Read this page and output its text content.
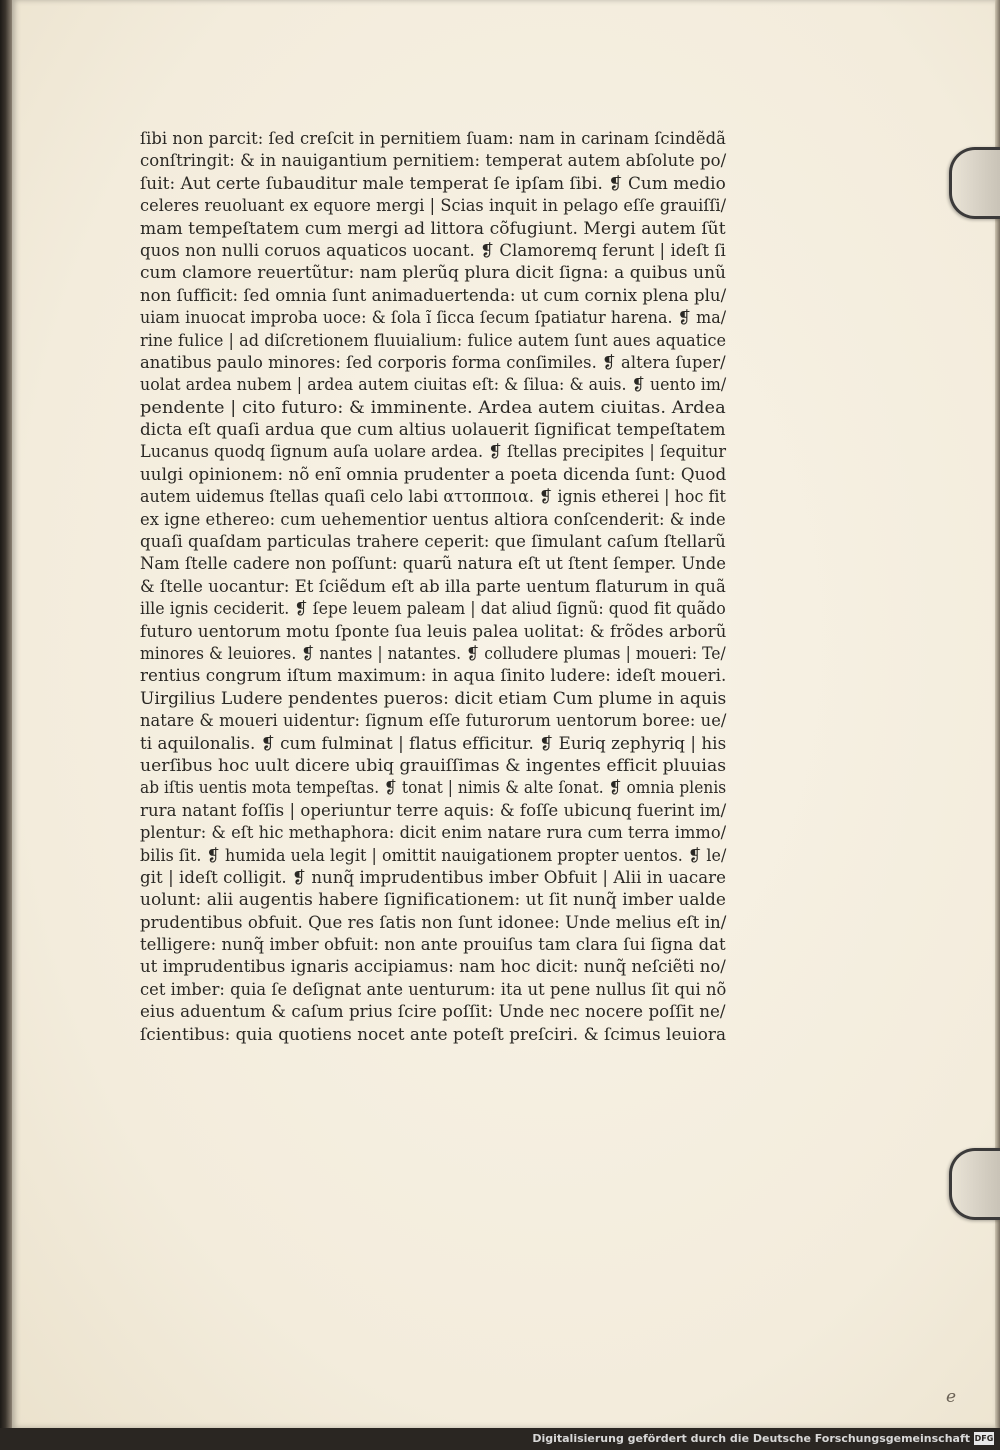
ſibi non parcit: ſed creſcit in pernitiem ſuam: nam in carinam ſcindẽdã
conſtringit: & in nauigantium pernitiem: temperat autem abſolute po/
ſuit: Aut certe ſubauditur male temperat ſe ipſam ſibi. ❡ Cum medio
celeres reuoluant ex equore mergi | Scias inquit in pelago eſſe grauiſſi/
mam tempeſtatem cum mergi ad littora cõfugiunt. Mergi autem ſũt
quos non nulli coruos aquaticos uocant. ❡ Clamoremq ferunt | ideſt ſi
cum clamore reuertũtur: nam plerũq plura dicit ſigna: a quibus unũ
non ſufficit: ſed omnia ſunt animaduertenda: ut cum cornix plena plu/
uiam inuocat improba uoce: & ſola ĩ ſicca ſecum ſpatiatur harena. ❡ ma/
rine fulice | ad diſcretionem fluuialium: fulice autem ſunt aues aquatice
anatibus paulo minores: ſed corporis forma conſimiles. ❡ altera ſuper/
uolat ardea nubem | ardea autem ciuitas eſt: & ſilua: & auis. ❡ uento im/
pendente | cito futuro: & imminente. Ardea autem ciuitas. Ardea
dicta eſt quaſi ardua que cum altius uolauerit ſignificat tempeſtatem
Lucanus quodq ſignum auſa uolare ardea. ❡ ſtellas precipites | ſequitur
uulgi opinionem: nõ enĩ omnia prudenter a poeta dicenda ſunt: Quod
autem uidemus ſtellas quaſi celo labi αττοππoια. ❡ ignis etherei | hoc fit
ex igne ethereo: cum uehementior uentus altiora conſcenderit: & inde
quaſi quaſdam particulas trahere ceperit: que ſimulant caſum ſtellarũ
Nam ſtelle cadere non poſſunt: quarũ natura eſt ut ſtent ſemper. Unde
& ſtelle uocantur: Et ſciẽdum eſt ab illa parte uentum flaturum in quã
ille ignis ceciderit. ❡ ſepe leuem paleam | dat aliud ſignũ: quod fit quãdo
futuro uentorum motu ſponte ſua leuis palea uolitat: & frõdes arborũ
minores & leuiores. ❡ nantes | natantes. ❡ colludere plumas | moueri: Te/
rentius congrum iſtum maximum: in aqua ſinito ludere: ideſt moueri.
Uirgilius Ludere pendentes pueros: dicit etiam Cum plume in aquis
natare & moueri uidentur: ſignum eſſe futurorum uentorum boree: ue/
ti aquilonalis. ❡ cum fulminat | flatus efficitur. ❡ Euriq zephyriq | his
uerſibus hoc uult dicere ubiq grauiſſimas & ingentes efficit pluuias
ab iſtis uentis mota tempeſtas. ❡ tonat | nimis & alte ſonat. ❡ omnia plenis
rura natant foſſis | operiuntur terre aquis: & foſſe ubicunq fuerint im/
plentur: & eſt hic methaphora: dicit enim natare rura cum terra immo/
bilis ſit. ❡ humida uela legit | omittit nauigationem propter uentos. ❡ le/
git | ideſt colligit. ❡ nunq̃ imprudentibus imber Obfuit | Alii in uacare
uolunt: alii augentis habere ſignificationem: ut ſit nunq̃ imber ualde
prudentibus obfuit. Que res ſatis non ſunt idonee: Unde melius eſt in/
telligere: nunq̃ imber obfuit: non ante prouiſus tam clara ſui ſigna dat
ut imprudentibus ignaris accipiamus: nam hoc dicit: nunq̃ neſciẽti no/
cet imber: quia ſe deſignat ante uenturum: ita ut pene nullus ſit qui nõ
eius aduentum & caſum prius ſcire poſſit: Unde nec nocere poſſit ne/
ſcientibus: quia quotiens nocet ante poteſt preſciri. & ſcimus leuiora
e
Digitalisierung gefördert durch die Deutsche Forschungsgemeinschaft DFG
